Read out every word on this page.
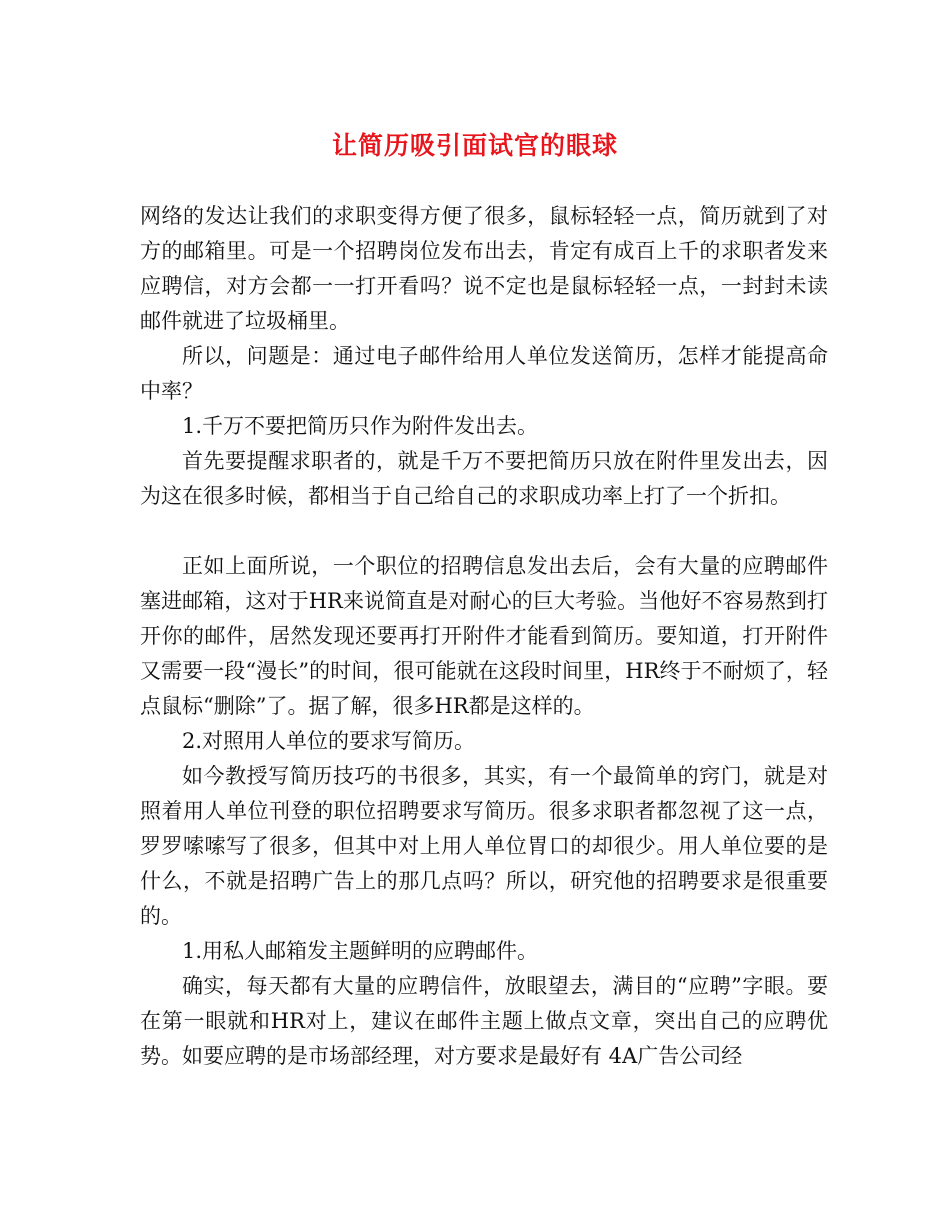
让简历吸引面试官的眼球

网络的发达让我们的求职变得方便了很多，鼠标轻轻一点，简历就到了对方的邮箱里。可是一个招聘岗位发布出去，肯定有成百上千的求职者发来应聘信，对方会都一一打开看吗？说不定也是鼠标轻轻一点，一封封未读邮件就进了垃圾桶里。

所以，问题是：通过电子邮件给用人单位发送简历，怎样才能提高命中率？

1.千万不要把简历只作为附件发出去。

首先要提醒求职者的，就是千万不要把简历只放在附件里发出去，因为这在很多时候，都相当于自己给自己的求职成功率上打了一个折扣。

正如上面所说，一个职位的招聘信息发出去后，会有大量的应聘邮件塞进邮箱，这对于HR来说简直是对耐心的巨大考验。当他好不容易熬到打开你的邮件，居然发现还要再打开附件才能看到简历。要知道，打开附件又需要一段“漫长”的时间，很可能就在这段时间里，HR终于不耐烦了，轻点鼠标“删除”了。据了解，很多HR都是这样的。

2.对照用人单位的要求写简历。

如今教授写简历技巧的书很多，其实，有一个最简单的窍门，就是对照着用人单位刊登的职位招聘要求写简历。很多求职者都忽视了这一点，罗罗嗦嗦写了很多，但其中对上用人单位胃口的却很少。用人单位要的是什么，不就是招聘广告上的那几点吗？所以，研究他的招聘要求是很重要的。

1.用私人邮箱发主题鲜明的应聘邮件。

确实，每天都有大量的应聘信件，放眼望去，满目的“应聘”字眼。要在第一眼就和HR对上，建议在邮件主题上做点文章，突出自己的应聘优势。如要应聘的是市场部经理，对方要求是最好有 4A广告公司经
